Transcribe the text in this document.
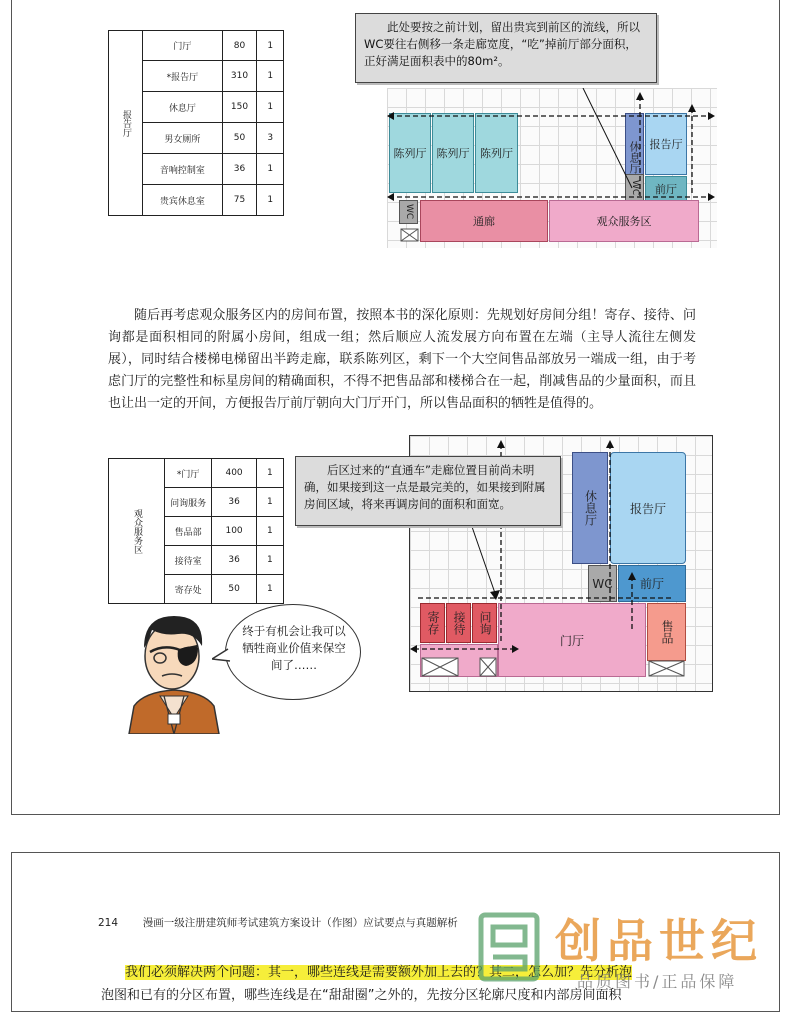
报告厅	门厅	80	1
	*报告厅	310	1
	休息厅	150	1
	男女厕所	50	3
	音响控制室	36	1
	贵宾休息室	75	1
陈列厅 陈列厅 陈列厅	休息厅 报告厅
WC 前厅
WC
通廊	观众服务区
此处要按之前计划，留出贵宾到前区的流线，所以WC要往右侧移一条走廊宽度，“吃”掉前厅部分面积，正好满足面积表中的80m²。
随后再考虑观众服务区内的房间布置，按照本书的深化原则：先规划好房间分组！寄存、接待、问询都是面积相同的附属小房间，组成一组；然后顺应人流发展方向布置在左端（主导人流往左侧发展），同时结合楼梯电梯留出半跨走廊，联系陈列区，剩下一个大空间售品部放另一端成一组，由于考虑门厅的完整性和标星房间的精确面积，不得不把售品部和楼梯合在一起，削减售品的少量面积，而且也让出一定的开间，方便报告厅前厅朝向大门厅开门，所以售品面积的牺牲是值得的。
观众服务区	*门厅	400	1
	问询服务	36	1
	售品部	100	1
	接待室	36	1
	寄存处	50	1
休息厅	报告厅
WC 前厅
寄存 接待 问询
门厅	售品
后区过来的“直通车”走廊位置目前尚未明确，如果接到这一点是最完美的，如果接到附属房间区域，将来再调房间的面积和面宽。
终于有机会让我可以牺牲商业价值来保空间了……
214 漫画一级注册建筑师考试建筑方案设计（作图）应试要点与真题解析
我们必须解决两个问题：其一，哪些连线是需要额外加上去的？其二，怎么加？先分析泡
泡图和已有的分区布置，哪些连线是在“甜甜圈”之外的，先按分区轮廓尺度和内部房间面积
创品世纪
品质图书/正品保障
